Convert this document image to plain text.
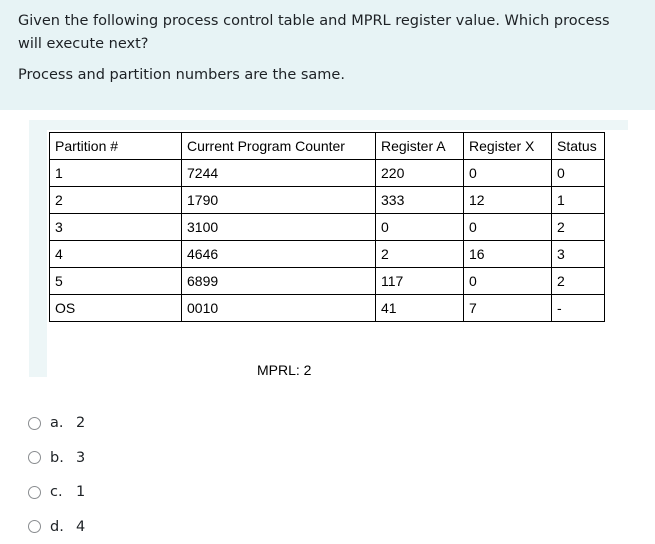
Given the following process control table and MPRL register value. Which process will execute next?

Process and partition numbers are the same.

Partition #	Current Program Counter	Register A	Register X	Status
1	7244	220	0	0
2	1790	333	12	1
3	3100	0	0	2
4	4646	2	16	3
5	6899	117	0	2
OS	0010	41	7	-
MPRL: 2
a. 2
b. 3
c. 1
d. 4
